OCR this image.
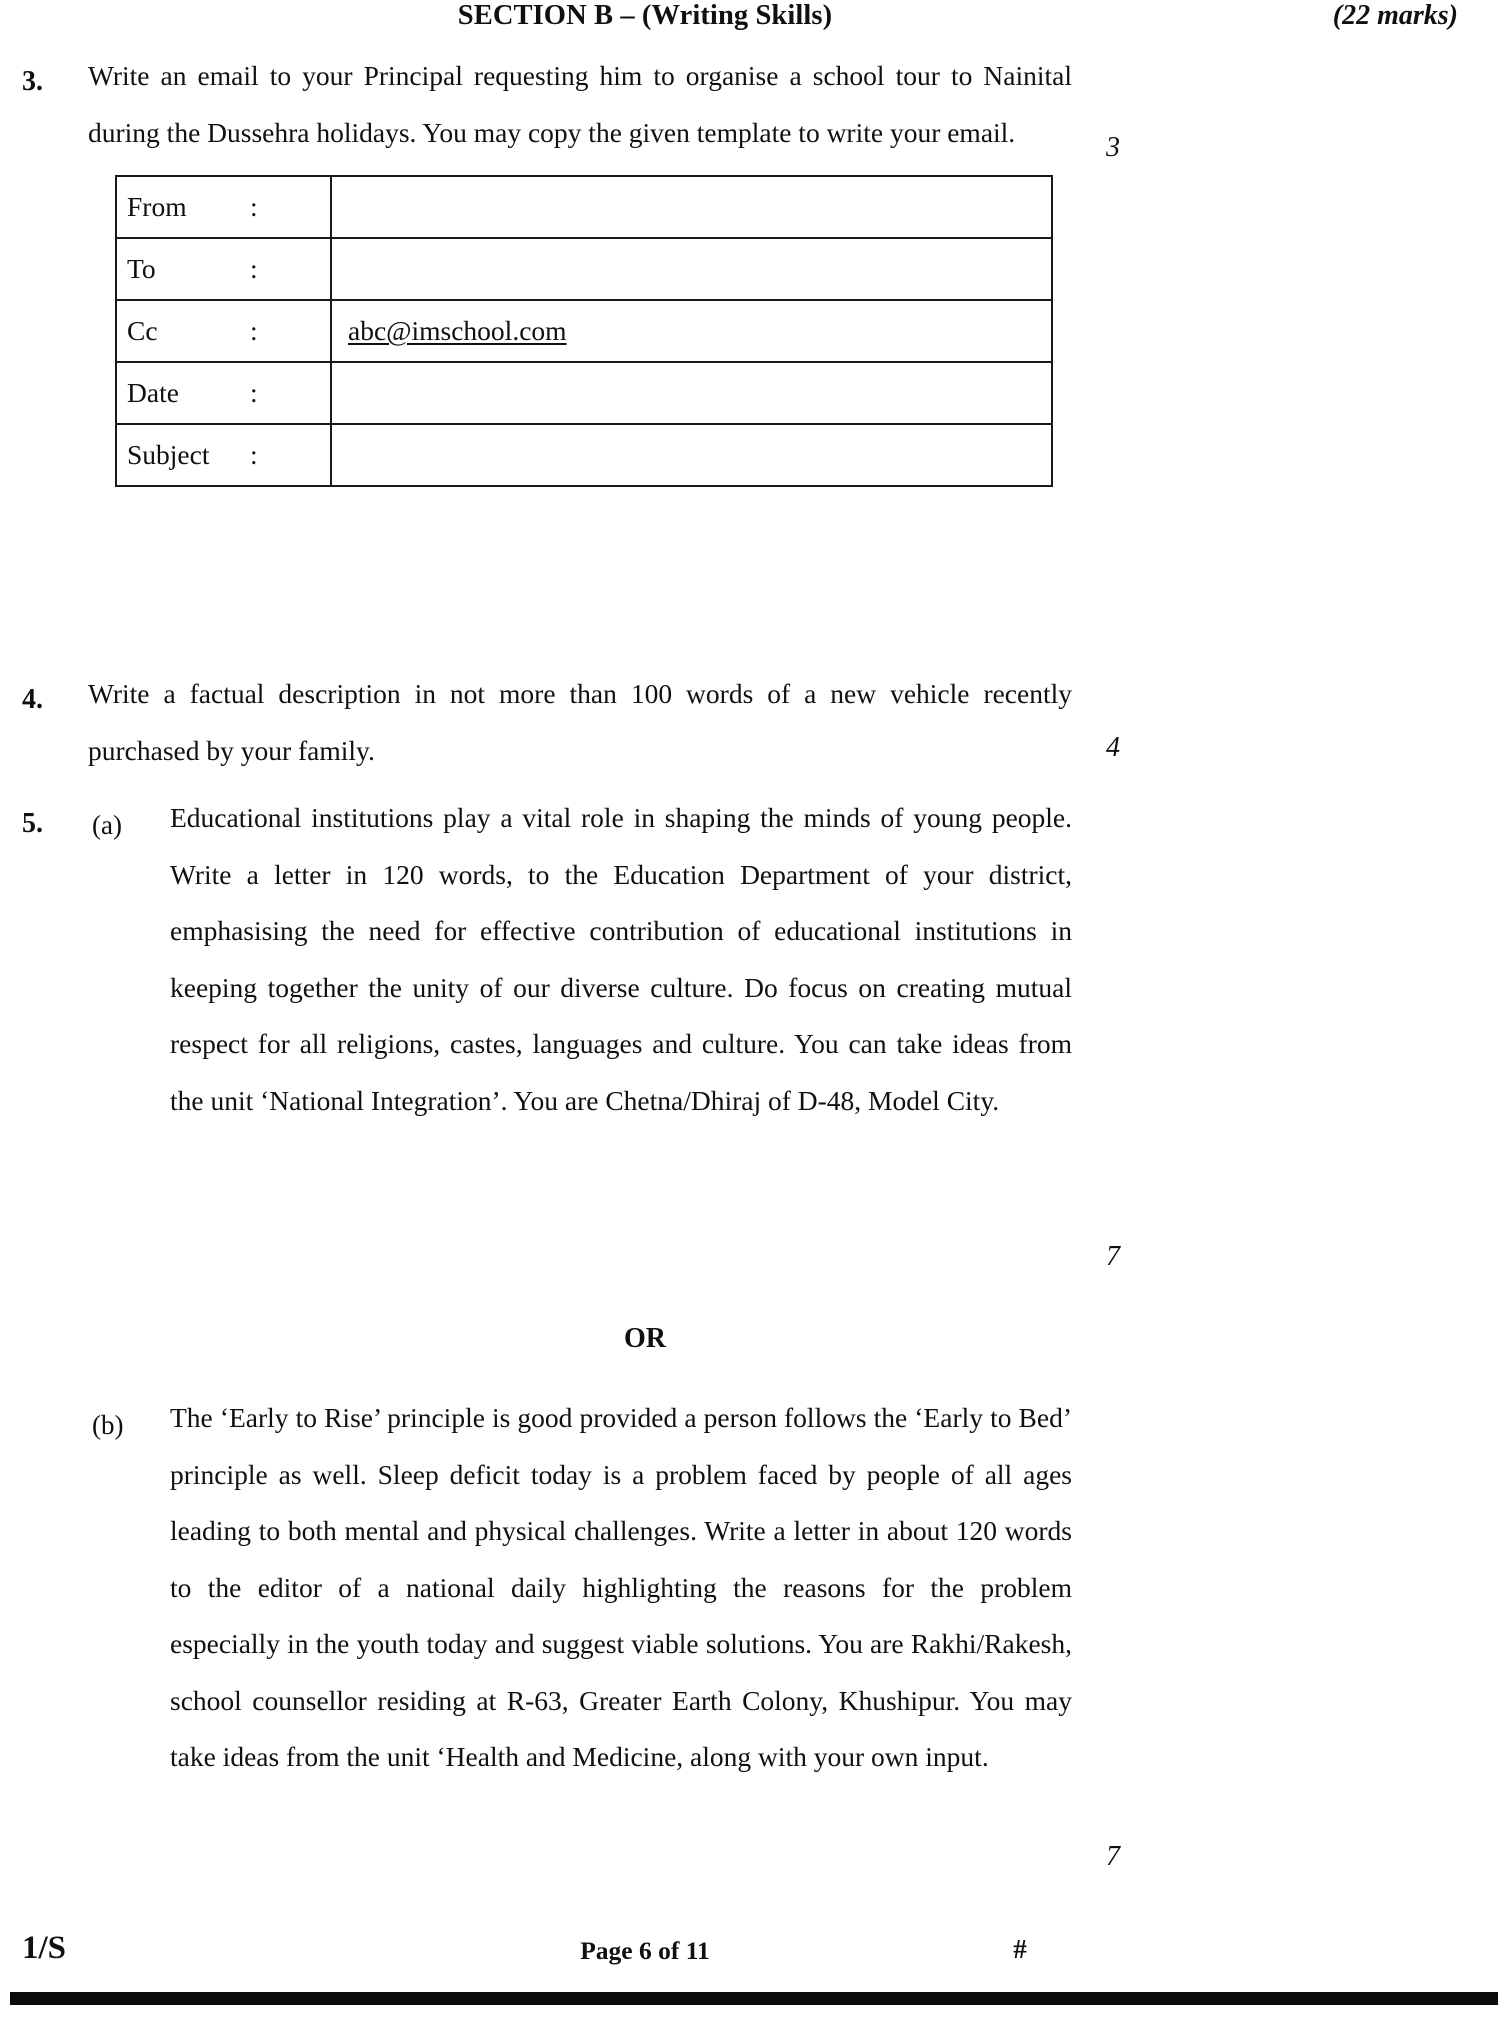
SECTION B – (Writing Skills)	(22 marks)
3. Write an email to your Principal requesting him to organise a school tour to Nainital during the Dussehra holidays. You may copy the given template to write your email.	3
From :	

To :	

Cc :	abc@imschool.com

Date :	

Subject :	

4. Write a factual description in not more than 100 words of a new vehicle recently purchased by your family.	4
5. (a) Educational institutions play a vital role in shaping the minds of young people. Write a letter in 120 words, to the Education Department of your district, emphasising the need for effective contribution of educational institutions in keeping together the unity of our diverse culture. Do focus on creating mutual respect for all religions, castes, languages and culture. You can take ideas from the unit ‘National Integration’. You are Chetna/Dhiraj of D-48, Model City.
7
OR
(b) The ‘Early to Rise’ principle is good provided a person follows the ‘Early to Bed’ principle as well. Sleep deficit today is a problem faced by people of all ages leading to both mental and physical challenges. Write a letter in about 120 words to the editor of a national daily highlighting the reasons for the problem especially in the youth today and suggest viable solutions. You are Rakhi/Rakesh, school counsellor residing at R-63, Greater Earth Colony, Khushipur. You may take ideas from the unit ‘Health and Medicine, along with your own input.
7
1/S	Page 6 of 11	#
